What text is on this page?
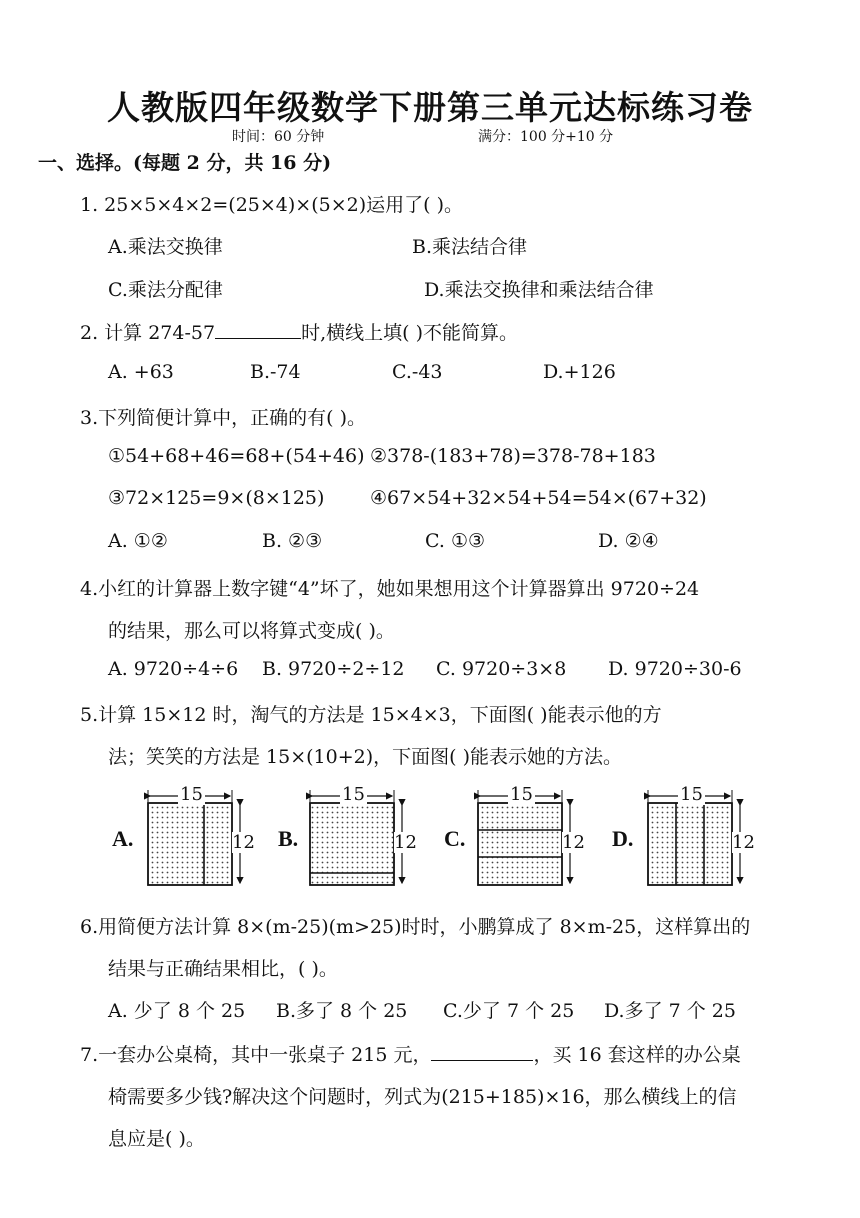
人教版四年级数学下册第三单元达标练习卷
时间：60 分钟	满分：100 分+10 分
一、选择。(每题 2 分，共 16 分)
1. 25×5×4×2=(25×4)×(5×2)运用了( )。
A.乘法交换律	B.乘法结合律
C.乘法分配律	D.乘法交换律和乘法结合律
2. 计算 274-57	时,横线上填( )不能简算。
A. +63	B.-74	C.-43	D.+126
3.下列简便计算中，正确的有( )。
①54+68+46=68+(54+46) ②378-(183+78)=378-78+183
③72×125=9×(8×125) ④67×54+32×54+54=54×(67+32)
A. ①②	B. ②③	C. ①③	D. ②④
4.小红的计算器上数字键“4”坏了，她如果想用这个计算器算出 9720÷24
的结果，那么可以将算式变成( )。
A. 9720÷4÷6 B. 9720÷2÷12 C. 9720÷3×8 D. 9720÷30-6
5.计算 15×12 时，淘气的方法是 15×4×3，下面图( )能表示他的方
法；笑笑的方法是 15×(10+2)，下面图( )能表示她的方法。
A.
15
12 B.
15
12 C.
15
12 D.
15
12
6.用简便方法计算 8×(m-25)(m>25)时时，小鹏算成了 8×m-25，这样算出的
结果与正确结果相比，( )。
A. 少了 8 个 25 B.多了 8 个 25 C.少了 7 个 25 D.多了 7 个 25
7.一套办公桌椅，其中一张桌子 215 元，	，买 16 套这样的办公桌
椅需要多少钱?解决这个问题时，列式为(215+185)×16，那么横线上的信
息应是( )。
